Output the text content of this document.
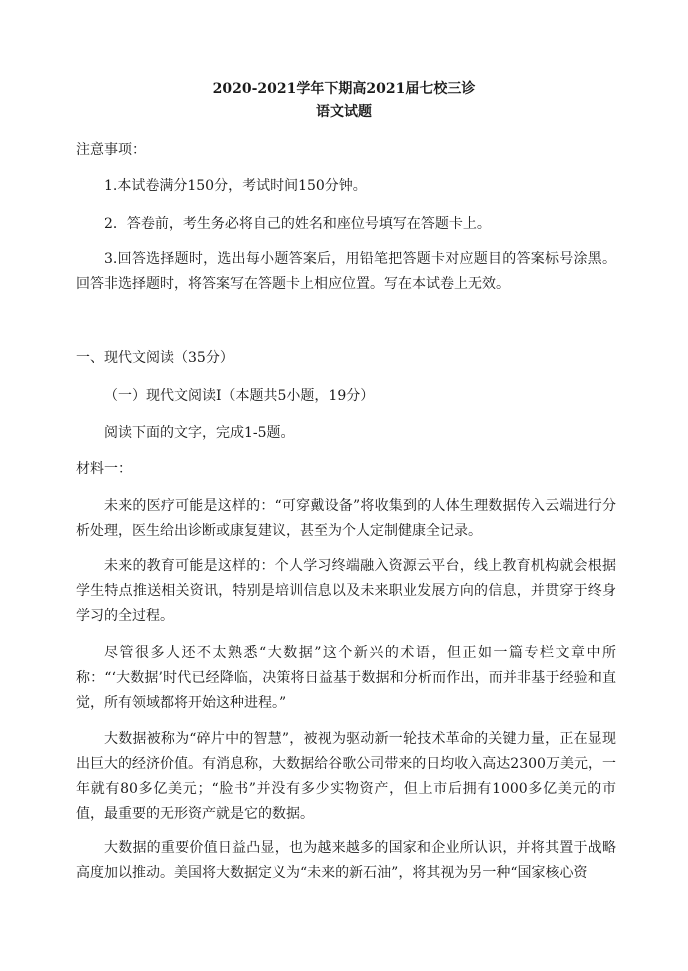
2020-2021学年下期高2021届七校三诊
语文试题
注意事项：
1.本试卷满分150分，考试时间150分钟。
2．答卷前，考生务必将自己的姓名和座位号填写在答题卡上。
3.回答选择题时，选出每小题答案后，用铅笔把答题卡对应题目的答案标号涂黑。回答非选择题时，将答案写在答题卡上相应位置。写在本试卷上无效。
一、现代文阅读（35分）
（一）现代文阅读Ⅰ（本题共5小题，19分）
阅读下面的文字，完成1-5题。
材料一：
未来的医疗可能是这样的：“可穿戴设备”将收集到的人体生理数据传入云端进行分析处理，医生给出诊断或康复建议，甚至为个人定制健康全记录。
未来的教育可能是这样的：个人学习终端融入资源云平台，线上教育机构就会根据学生特点推送相关资讯，特别是培训信息以及未来职业发展方向的信息，并贯穿于终身学习的全过程。
尽管很多人还不太熟悉“大数据”这个新兴的术语，但正如一篇专栏文章中所称：“‘大数据’时代已经降临，决策将日益基于数据和分析而作出，而并非基于经验和直觉，所有领域都将开始这种进程。”
大数据被称为“碎片中的智慧”，被视为驱动新一轮技术革命的关键力量，正在显现出巨大的经济价值。有消息称，大数据给谷歌公司带来的日均收入高达2300万美元，一年就有80多亿美元；“脸书”并没有多少实物资产，但上市后拥有1000多亿美元的市值，最重要的无形资产就是它的数据。
大数据的重要价值日益凸显，也为越来越多的国家和企业所认识，并将其置于战略高度加以推动。美国将大数据定义为“未来的新石油”，将其视为另一种“国家核心资
